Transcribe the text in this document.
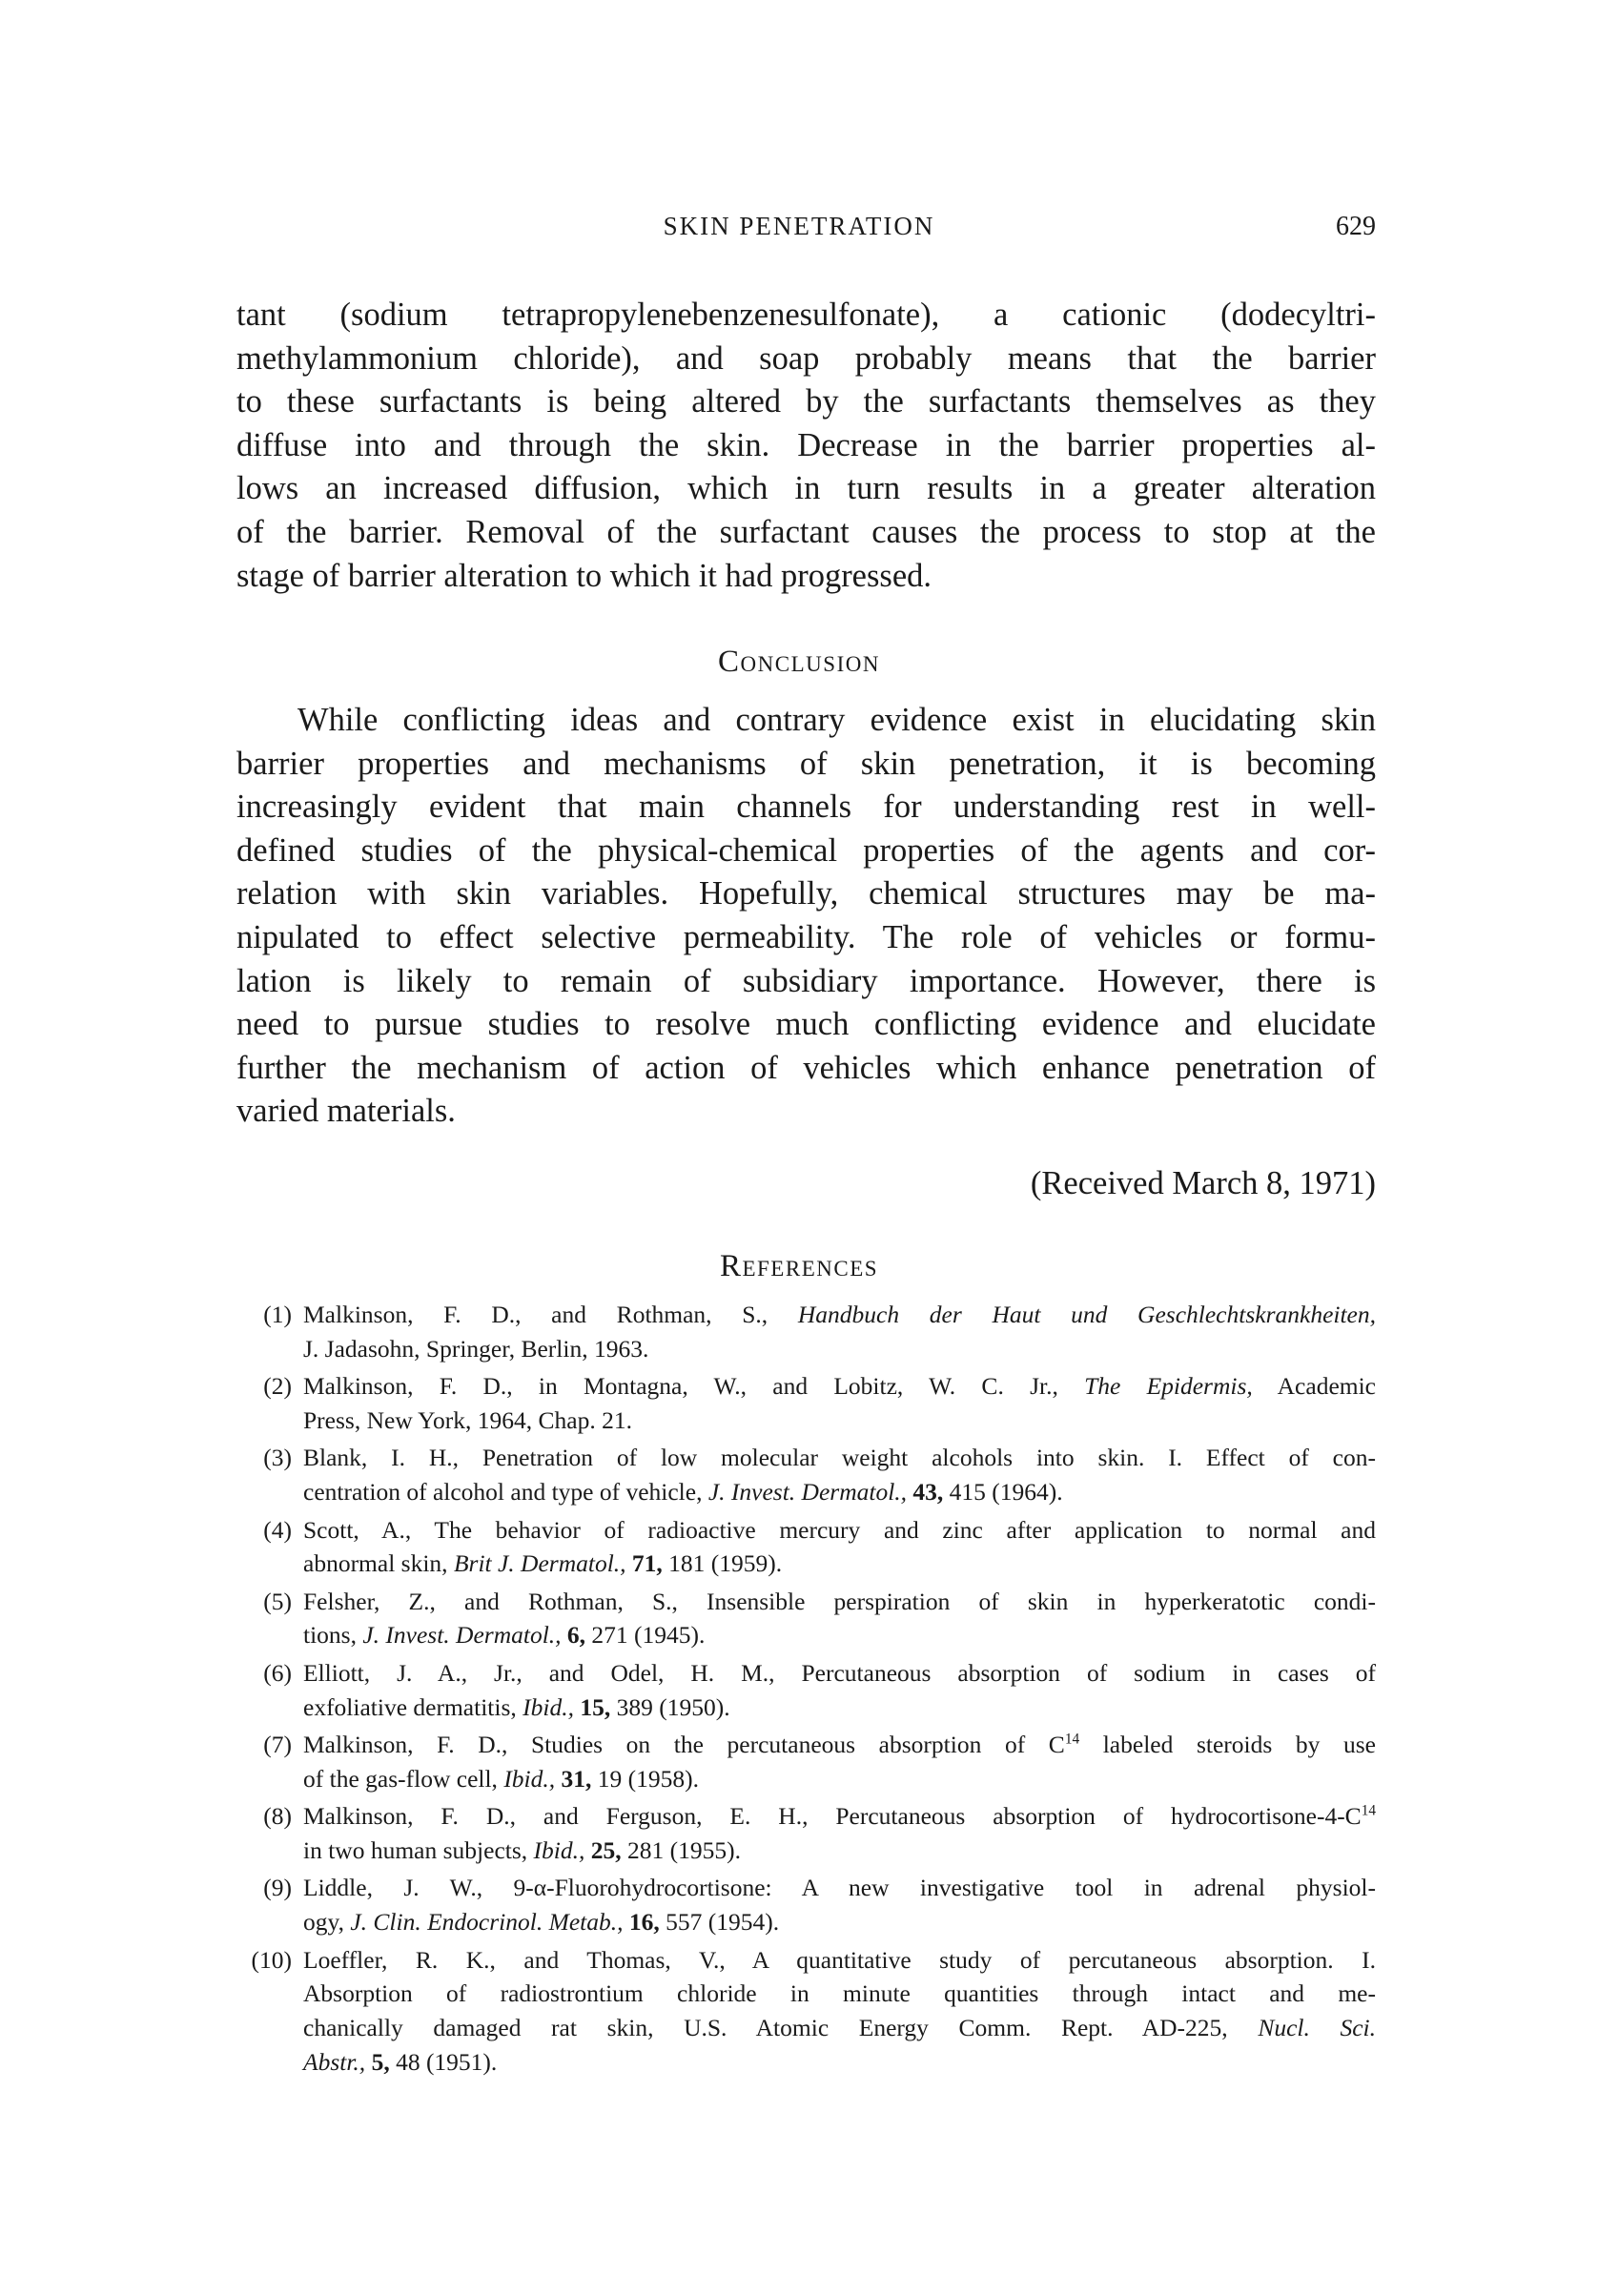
SKIN PENETRATION	629
tant (sodium tetrapropylenebenzenesulfonate), a cationic (dodecyltri-
methylammonium chloride), and soap probably means that the barrier
to these surfactants is being altered by the surfactants themselves as they
diffuse into and through the skin. Decrease in the barrier properties al-
lows an increased diffusion, which in turn results in a greater alteration
of the barrier. Removal of the surfactant causes the process to stop at the
stage of barrier alteration to which it had progressed.
Conclusion
While conflicting ideas and contrary evidence exist in elucidating skin
barrier properties and mechanisms of skin penetration, it is becoming
increasingly evident that main channels for understanding rest in well-
defined studies of the physical-chemical properties of the agents and cor-
relation with skin variables. Hopefully, chemical structures may be ma-
nipulated to effect selective permeability. The role of vehicles or formu-
lation is likely to remain of subsidiary importance. However, there is
need to pursue studies to resolve much conflicting evidence and elucidate
further the mechanism of action of vehicles which enhance penetration of
varied materials.
(Received March 8, 1971)
References
(1) Malkinson, F. D., and Rothman, S., Handbuch der Haut und Geschlechtskrankheiten,
J. Jadasohn, Springer, Berlin, 1963.
(2) Malkinson, F. D., in Montagna, W., and Lobitz, W. C. Jr., The Epidermis, Academic
Press, New York, 1964, Chap. 21.
(3) Blank, I. H., Penetration of low molecular weight alcohols into skin. I. Effect of con-
centration of alcohol and type of vehicle, J. Invest. Dermatol., 43, 415 (1964).
(4) Scott, A., The behavior of radioactive mercury and zinc after application to normal and
abnormal skin, Brit J. Dermatol., 71, 181 (1959).
(5) Felsher, Z., and Rothman, S., Insensible perspiration of skin in hyperkeratotic condi-
tions, J. Invest. Dermatol., 6, 271 (1945).
(6) Elliott, J. A., Jr., and Odel, H. M., Percutaneous absorption of sodium in cases of
exfoliative dermatitis, Ibid., 15, 389 (1950).
(7) Malkinson, F. D., Studies on the percutaneous absorption of $C^{14}$ labeled steroids by use
of the gas-flow cell, Ibid., 31, 19 (1958).
(8) Malkinson, F. D., and Ferguson, E. H., Percutaneous absorption of hydrocortisone-$4-C^{14}$
in two human subjects, Ibid., 25, 281 (1955).
(9) Liddle, J. W., 9-α-Fluorohydrocortisone: A new investigative tool in adrenal physiol-
ogy, J. Clin. Endocrinol. Metab., 16, 557 (1954).
(10) Loeffler, R. K., and Thomas, V., A quantitative study of percutaneous absorption. I.
Absorption of radiostrontium chloride in minute quantities through intact and me-
chanically damaged rat skin, U.S. Atomic Energy Comm. Rept. AD-225, Nucl. Sci.
Abstr., 5, 48 (1951).
